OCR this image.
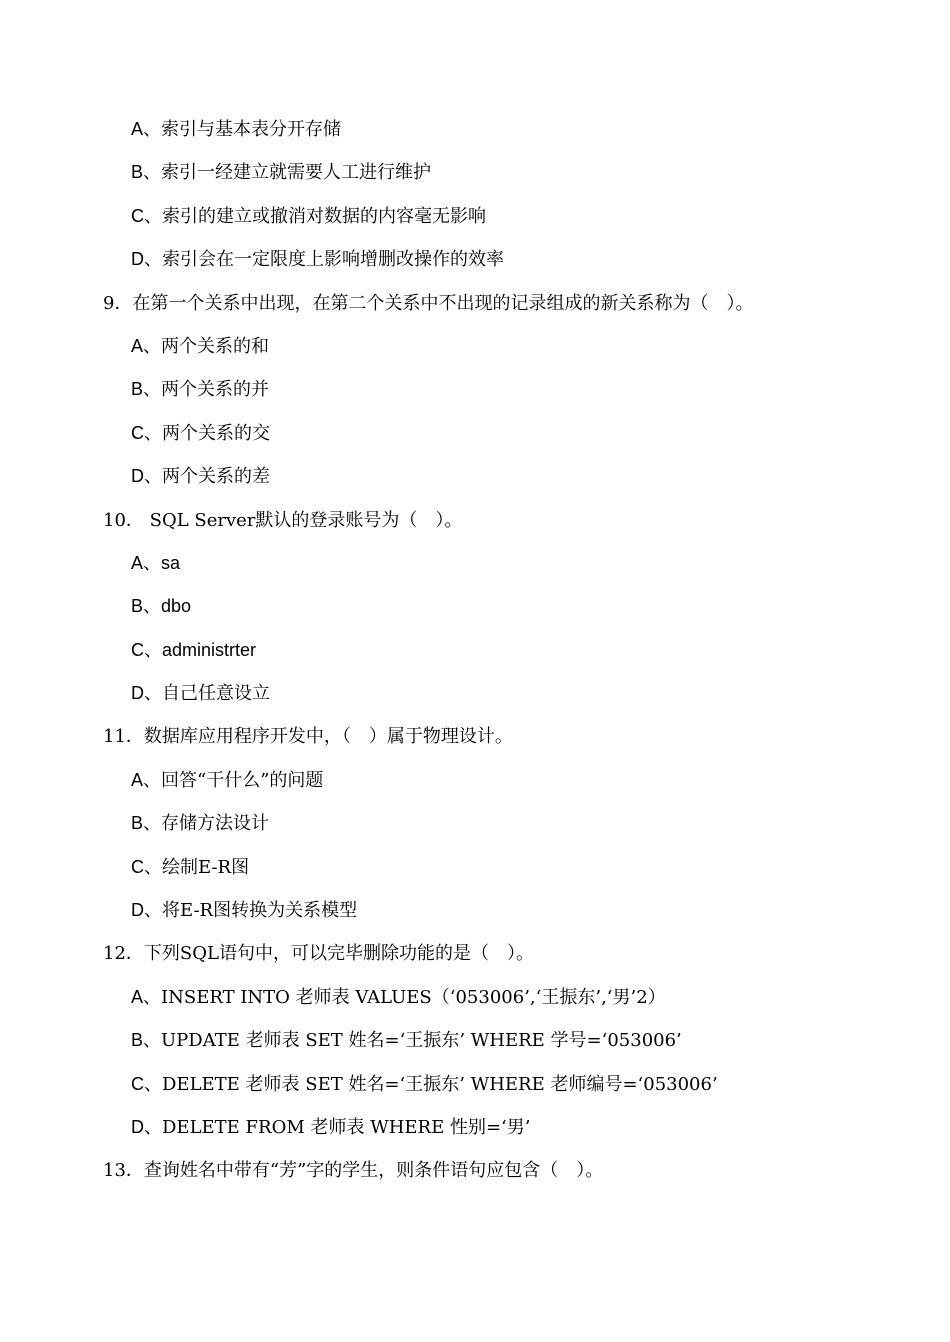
A、索引与基本表分开存储
B、索引一经建立就需要人工进行维护
C、索引的建立或撤消对数据的内容毫无影响
D、索引会在一定限度上影响增删改操作的效率
9．在第一个关系中出现，在第二个关系中不出现的记录组成的新关系称为（　）。
A、两个关系的和
B、两个关系的并
C、两个关系的交
D、两个关系的差
10． SQL Server默认的登录账号为（　）。
A、sa
B、dbo
C、administrter
D、自己任意设立
11．数据库应用程序开发中，（　）属于物理设计。
A、回答“干什么”的问题
B、存储方法设计
C、绘制E-R图
D、将E-R图转换为关系模型
12．下列SQL语句中，可以完毕删除功能的是（　）。
A、INSERT INTO 老师表 VALUES（‘053006’,‘王振东’,‘男’2）
B、UPDATE 老师表 SET 姓名=‘王振东’ WHERE 学号=‘053006’
C、DELETE 老师表 SET 姓名=‘王振东’ WHERE 老师编号=‘053006’
D、DELETE FROM 老师表 WHERE 性别=‘男’
13．查询姓名中带有“芳”字的学生，则条件语句应包含（　）。
